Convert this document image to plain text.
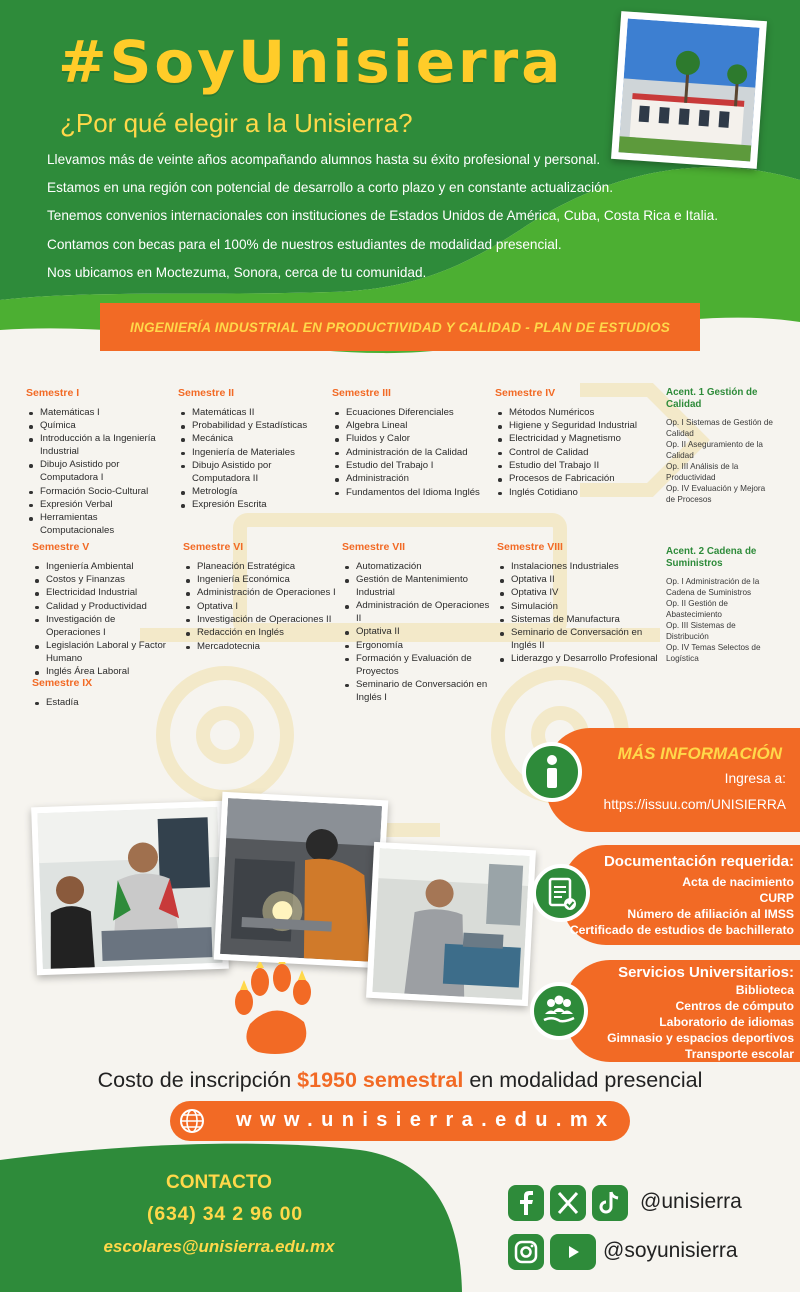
#SoyUnisierra
¿Por qué elegir a la Unisierra?
Llevamos más de veinte años acompañando alumnos hasta su éxito profesional y personal.
Estamos en una región con potencial de desarrollo a corto plazo y en constante actualización.
Tenemos convenios internacionales con instituciones de Estados Unidos de América, Cuba, Costa Rica e Italia.
Contamos con becas para el 100% de nuestros estudiantes de modalidad presencial.
Nos ubicamos en Moctezuma, Sonora, cerca de tu comunidad.
INGENIERÍA INDUSTRIAL EN PRODUCTIVIDAD Y CALIDAD - PLAN DE ESTUDIOS
Semestre I
Matemáticas I
Química
Introducción a la Ingeniería Industrial
Dibujo Asistido por Computadora I
Formación Socio-Cultural
Expresión Verbal
Herramientas Computacionales
Semestre II
Matemáticas II
Probabilidad y Estadísticas
Mecánica
Ingeniería de Materiales
Dibujo Asistido por Computadora II
Metrología
Expresión Escrita
Semestre III
Ecuaciones Diferenciales
Algebra Lineal
Fluidos y Calor
Administración de la Calidad
Estudio del Trabajo I
Administración
Fundamentos del Idioma Inglés
Semestre IV
Métodos Numéricos
Higiene y Seguridad Industrial
Electricidad y Magnetismo
Control de Calidad
Estudio del Trabajo II
Procesos de Fabricación
Inglés Cotidiano
Semestre V
Ingeniería Ambiental
Costos y Finanzas
Electricidad Industrial
Calidad y Productividad
Investigación de Operaciones I
Legislación Laboral y Factor Humano
Inglés Área Laboral
Semestre VI
Planeación Estratégica
Ingeniería Económica
Administración de Operaciones I
Optativa I
Investigación de Operaciones II
Redacción en Inglés
Mercadotecnia
Semestre VII
Automatización
Gestión de Mantenimiento Industrial
Administración de Operaciones II
Optativa II
Ergonomía
Formación y Evaluación de Proyectos
Seminario de Conversación en Inglés I
Semestre VIII
Instalaciones Industriales
Optativa II
Optativa IV
Simulación
Sistemas de Manufactura
Seminario de Conversación en Inglés II
Liderazgo y Desarrollo Profesional
Semestre IX
Estadía
Acent. 1 Gestión de Calidad
Op. I Sistemas de Gestión de Calidad
Op. II Aseguramiento de la Calidad
Op. III Análisis de la Productividad
Op. IV Evaluación y Mejora de Procesos
Acent. 2 Cadena de Suministros
Op. I Administración de la Cadena de Suministros
Op. II Gestión de Abastecimiento
Op. III Sistemas de Distribución
Op. IV Temas Selectos de Logística
MÁS INFORMACIÓN
Ingresa a:
https://issuu.com/UNISIERRA
Documentación requerida:
Acta de nacimiento
CURP
Número de afiliación al IMSS
Certificado de estudios de bachillerato
Servicios Universitarios:
Biblioteca
Centros de cómputo
Laboratorio de idiomas
Gimnasio y espacios deportivos
Transporte escolar
Costo de inscripción $1950 semestral en modalidad presencial
www.unisierra.edu.mx
CONTACTO
(634) 34 2 96 00
escolares@unisierra.edu.mx
@unisierra
@soyunisierra
